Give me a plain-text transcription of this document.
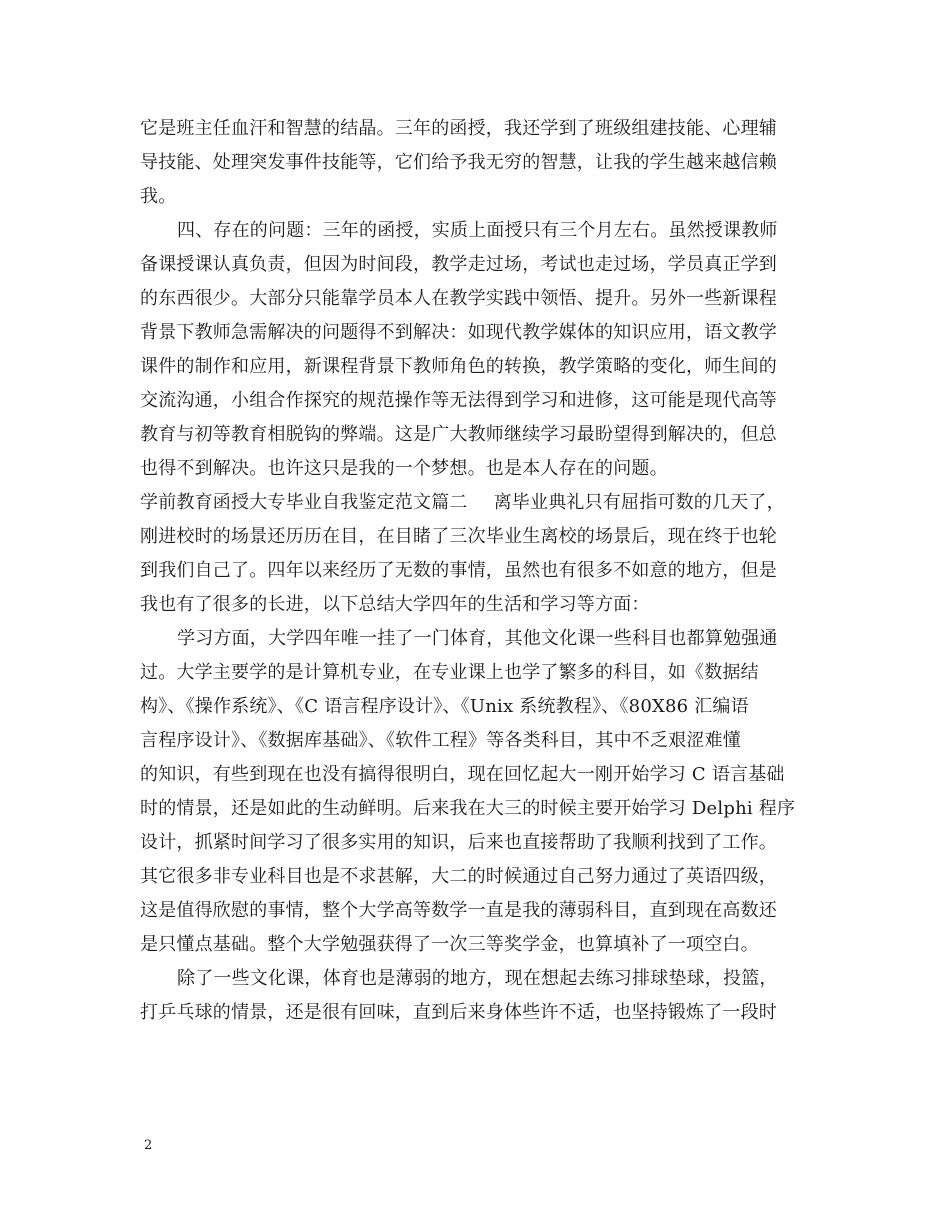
它是班主任血汗和智慧的结晶。三年的函授，我还学到了班级组建技能、心理辅
导技能、处理突发事件技能等，它们给予我无穷的智慧，让我的学生越来越信赖
我。
四、存在的问题：三年的函授，实质上面授只有三个月左右。虽然授课教师
备课授课认真负责，但因为时间段，教学走过场，考试也走过场，学员真正学到
的东西很少。大部分只能靠学员本人在教学实践中领悟、提升。另外一些新课程
背景下教师急需解决的问题得不到解决：如现代教学媒体的知识应用，语文教学
课件的制作和应用，新课程背景下教师角色的转换，教学策略的变化，师生间的
交流沟通，小组合作探究的规范操作等无法得到学习和进修，这可能是现代高等
教育与初等教育相脱钩的弊端。这是广大教师继续学习最盼望得到解决的，但总
也得不到解决。也许这只是我的一个梦想。也是本人存在的问题。
学前教育函授大专毕业自我鉴定范文篇二 离毕业典礼只有屈指可数的几天了，
刚进校时的场景还历历在目，在目睹了三次毕业生离校的场景后，现在终于也轮
到我们自己了。四年以来经历了无数的事情，虽然也有很多不如意的地方，但是
我也有了很多的长进，以下总结大学四年的生活和学习等方面：
学习方面，大学四年唯一挂了一门体育，其他文化课一些科目也都算勉强通
过。大学主要学的是计算机专业，在专业课上也学了繁多的科目，如《数据结
构》、《操作系统》、《C 语言程序设计》、《Unix 系统教程》、《80X86 汇编语
言程序设计》、《数据库基础》、《软件工程》等各类科目，其中不乏艰涩难懂
的知识，有些到现在也没有搞得很明白，现在回忆起大一刚开始学习 C 语言基础
时的情景，还是如此的生动鲜明。后来我在大三的时候主要开始学习 Delphi 程序
设计，抓紧时间学习了很多实用的知识，后来也直接帮助了我顺利找到了工作。
其它很多非专业科目也是不求甚解，大二的时候通过自己努力通过了英语四级，
这是值得欣慰的事情，整个大学高等数学一直是我的薄弱科目，直到现在高数还
是只懂点基础。整个大学勉强获得了一次三等奖学金，也算填补了一项空白。
除了一些文化课，体育也是薄弱的地方，现在想起去练习排球垫球，投篮，
打乒乓球的情景，还是很有回味，直到后来身体些许不适，也坚持锻炼了一段时
2
